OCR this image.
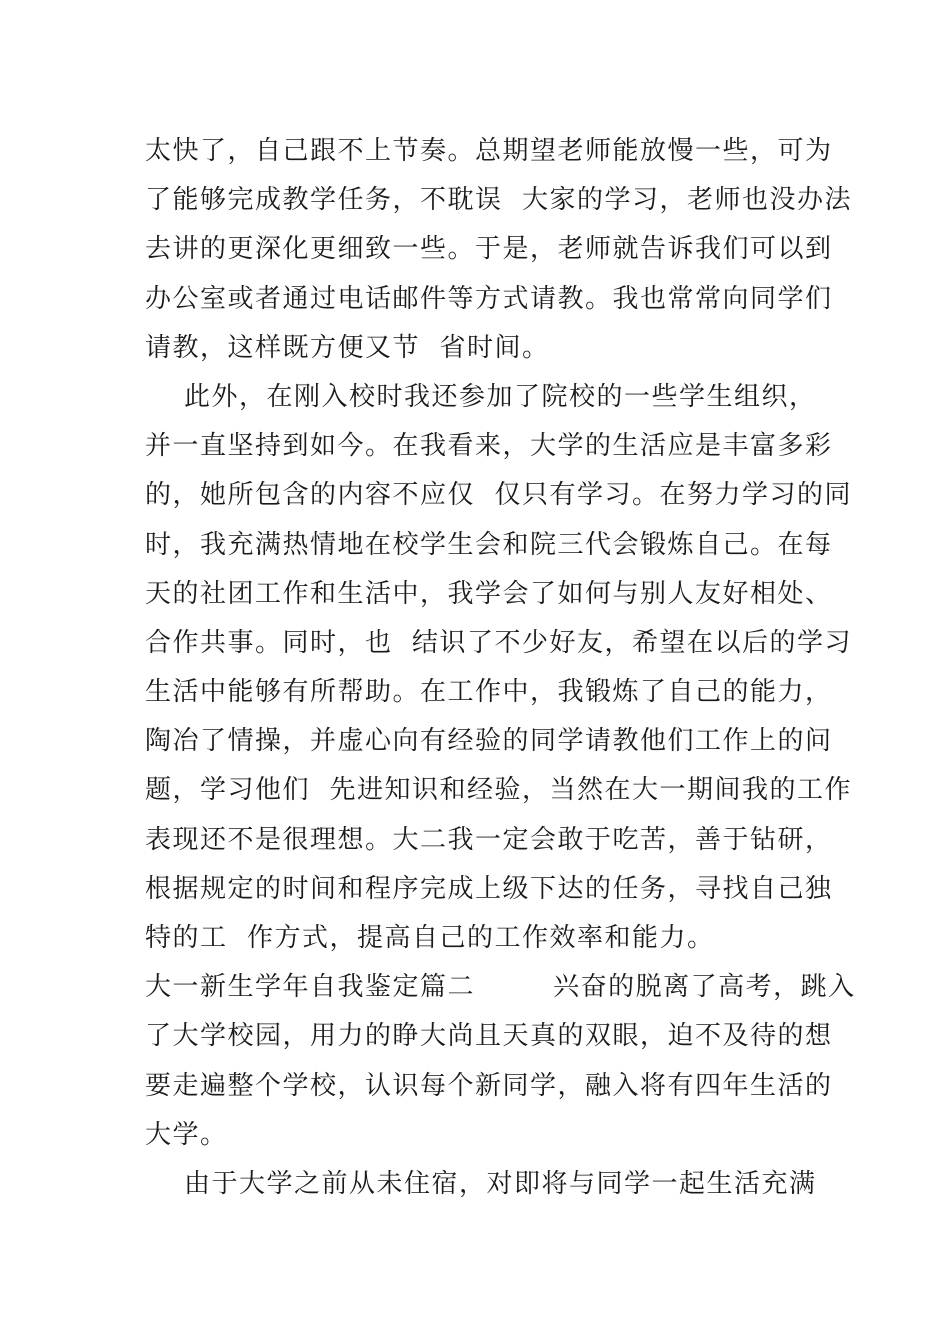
太快了，自己跟不上节奏。总期望老师能放慢一些，可为
了能够完成教学任务，不耽误  大家的学习，老师也没办法
去讲的更深化更细致一些。于是，老师就告诉我们可以到
办公室或者通过电话邮件等方式请教。我也常常向同学们
请教，这样既方便又节  省时间。
此外，在刚入校时我还参加了院校的一些学生组织，
并一直坚持到如今。在我看来，大学的生活应是丰富多彩
的，她所包含的内容不应仅  仅只有学习。在努力学习的同
时，我充满热情地在校学生会和院三代会锻炼自己。在每
天的社团工作和生活中，我学会了如何与别人友好相处、
合作共事。同时，也  结识了不少好友，希望在以后的学习
生活中能够有所帮助。在工作中，我锻炼了自己的能力，
陶冶了情操，并虚心向有经验的同学请教他们工作上的问
题，学习他们  先进知识和经验，当然在大一期间我的工作
表现还不是很理想。大二我一定会敢于吃苦，善于钻研，
根据规定的时间和程序完成上级下达的任务，寻找自己独
特的工  作方式，提高自己的工作效率和能力。
大一新生学年自我鉴定篇二        兴奋的脱离了高考，跳入
了大学校园，用力的睁大尚且天真的双眼，迫不及待的想
要走遍整个学校，认识每个新同学，融入将有四年生活的
大学。
由于大学之前从未住宿，对即将与同学一起生活充满
